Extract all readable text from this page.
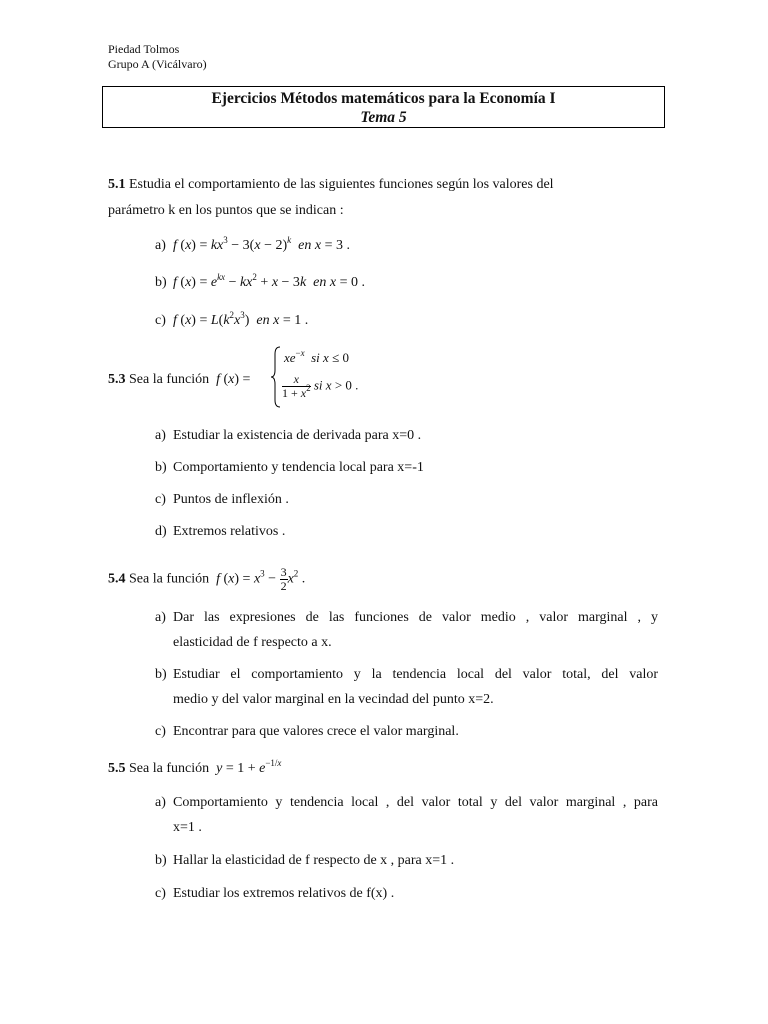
Piedad Tolmos
Grupo A (Vicálvaro)
Ejercicios Métodos matemáticos para la Economía I
Tema 5
5.1 Estudia el comportamiento de las siguientes funciones según los valores del
parámetro k en los puntos que se indican :
a) f $(x) = kx^3 - 3(x - 2)^k$ en x = 3 .
b) f $(x) = e^{kx} - kx^2 + x - 3k$ en x = 0 .
c) f $(x) = L(k^2x^3)$  en x = 1 .
5.3 Sea la función  f (x) =
$xe^{-x}$ si x ≤ 0
$\frac{x}{1 + x^2}$ si x > 0 .
a) Estudiar la existencia de derivada para x=0 .
b) Comportamiento y tendencia local para x=-1
c) Puntos de inflexión .
d) Extremos relativos .
5.4 Sea la función  f $(x) = x^3 - \frac{3}{2} x^2$ .
a) Dar las expresiones de las funciones de valor medio , valor marginal , y
elasticidad de f respecto a x.
b) Estudiar el comportamiento y la tendencia local del valor total, del valor
medio y del valor marginal en la vecindad del punto x=2.
c) Encontrar para que valores crece el valor marginal.
5.5 Sea la función  $y = 1 + e^{-1/x}$
a) Comportamiento y tendencia local , del valor total y del valor marginal , para
x=1 .
b) Hallar la elasticidad de f respecto de x , para x=1 .
c) Estudiar los extremos relativos de f(x) .
